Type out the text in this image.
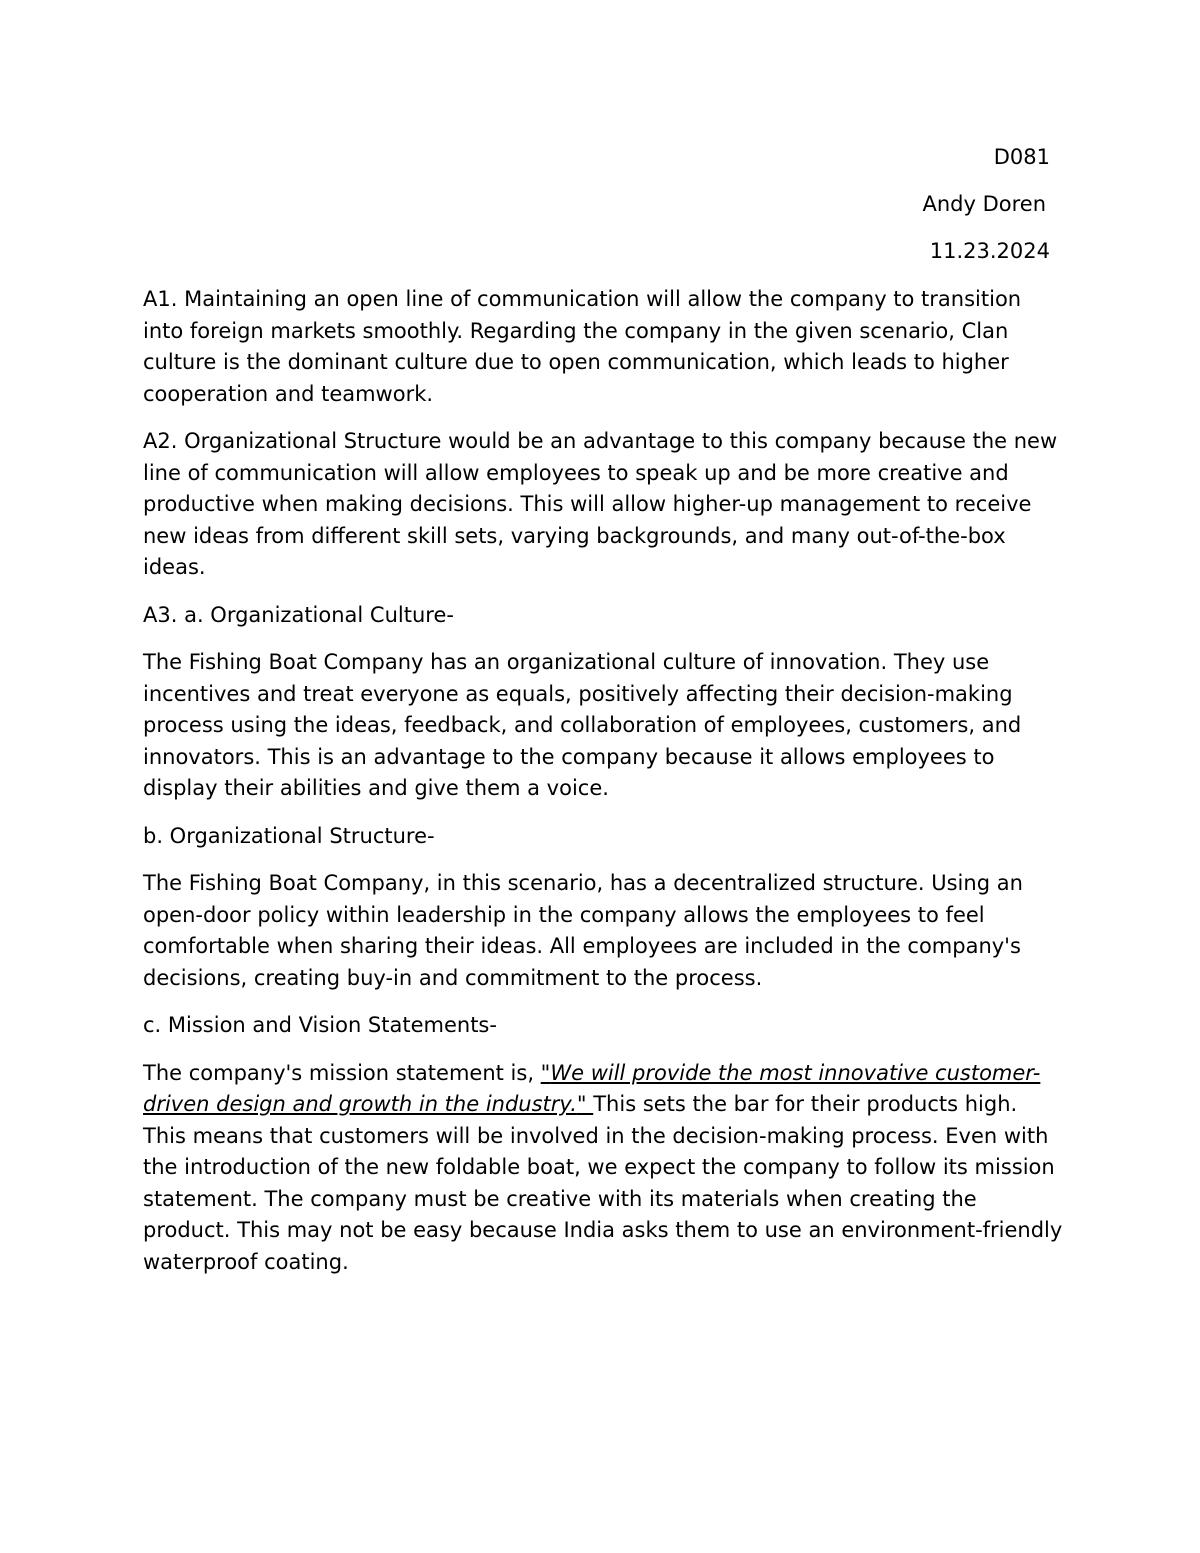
D081
Andy Doren
11.23.2024

A1. Maintaining an open line of communication will allow the company to transition into foreign markets smoothly. Regarding the company in the given scenario, Clan culture is the dominant culture due to open communication, which leads to higher cooperation and teamwork.

A2. Organizational Structure would be an advantage to this company because the new line of communication will allow employees to speak up and be more creative and productive when making decisions. This will allow higher-up management to receive new ideas from different skill sets, varying backgrounds, and many out-of-the-box ideas.

A3. a. Organizational Culture-

The Fishing Boat Company has an organizational culture of innovation. They use incentives and treat everyone as equals, positively affecting their decision-making process using the ideas, feedback, and collaboration of employees, customers, and innovators. This is an advantage to the company because it allows employees to display their abilities and give them a voice.

b. Organizational Structure-

The Fishing Boat Company, in this scenario, has a decentralized structure. Using an open-door policy within leadership in the company allows the employees to feel comfortable when sharing their ideas. All employees are included in the company's decisions, creating buy-in and commitment to the process.

c. Mission and Vision Statements-

The company's mission statement is, "We will provide the most innovative customer-driven design and growth in the industry." This sets the bar for their products high. This means that customers will be involved in the decision-making process. Even with the introduction of the new foldable boat, we expect the company to follow its mission statement. The company must be creative with its materials when creating the product. This may not be easy because India asks them to use an environment-friendly waterproof coating.
